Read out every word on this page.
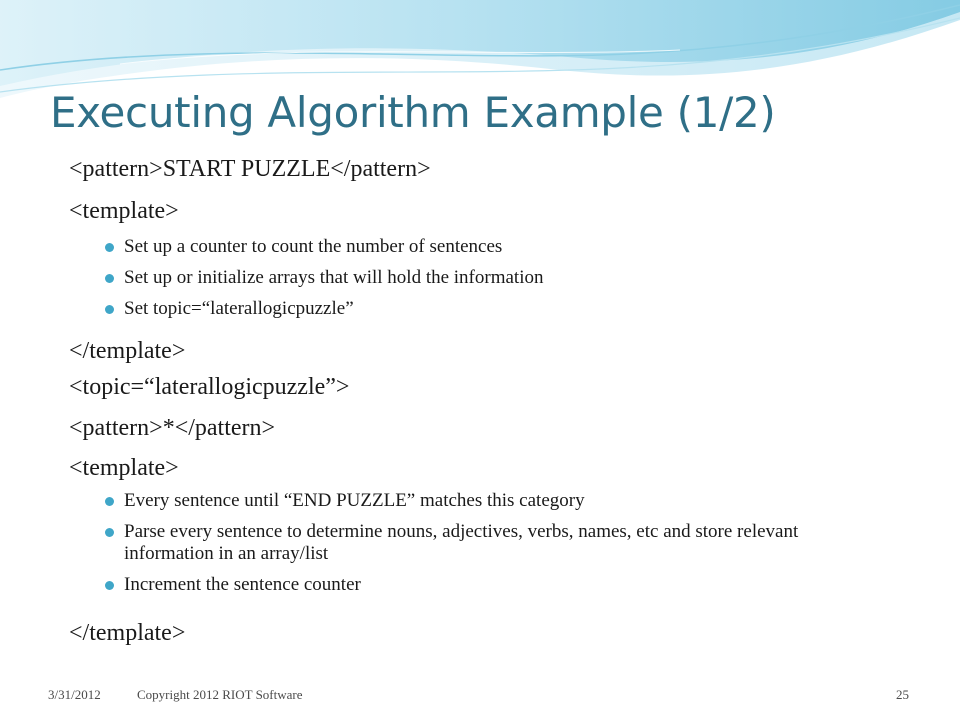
Executing Algorithm Example (1/2)
<pattern>START PUZZLE</pattern>
<template>
Set up a counter to count the number of sentences
Set up or initialize arrays that will hold the information
Set topic=“laterallogicpuzzle”
</template>
<topic=“laterallogicpuzzle”>
<pattern>*</pattern>
<template>
Every sentence until “END PUZZLE” matches this category
Parse every sentence to determine nouns, adjectives, verbs, names, etc and store relevant information in an array/list
Increment the sentence counter
</template>
3/31/2012	Copyright 2012 RIOT Software	25
